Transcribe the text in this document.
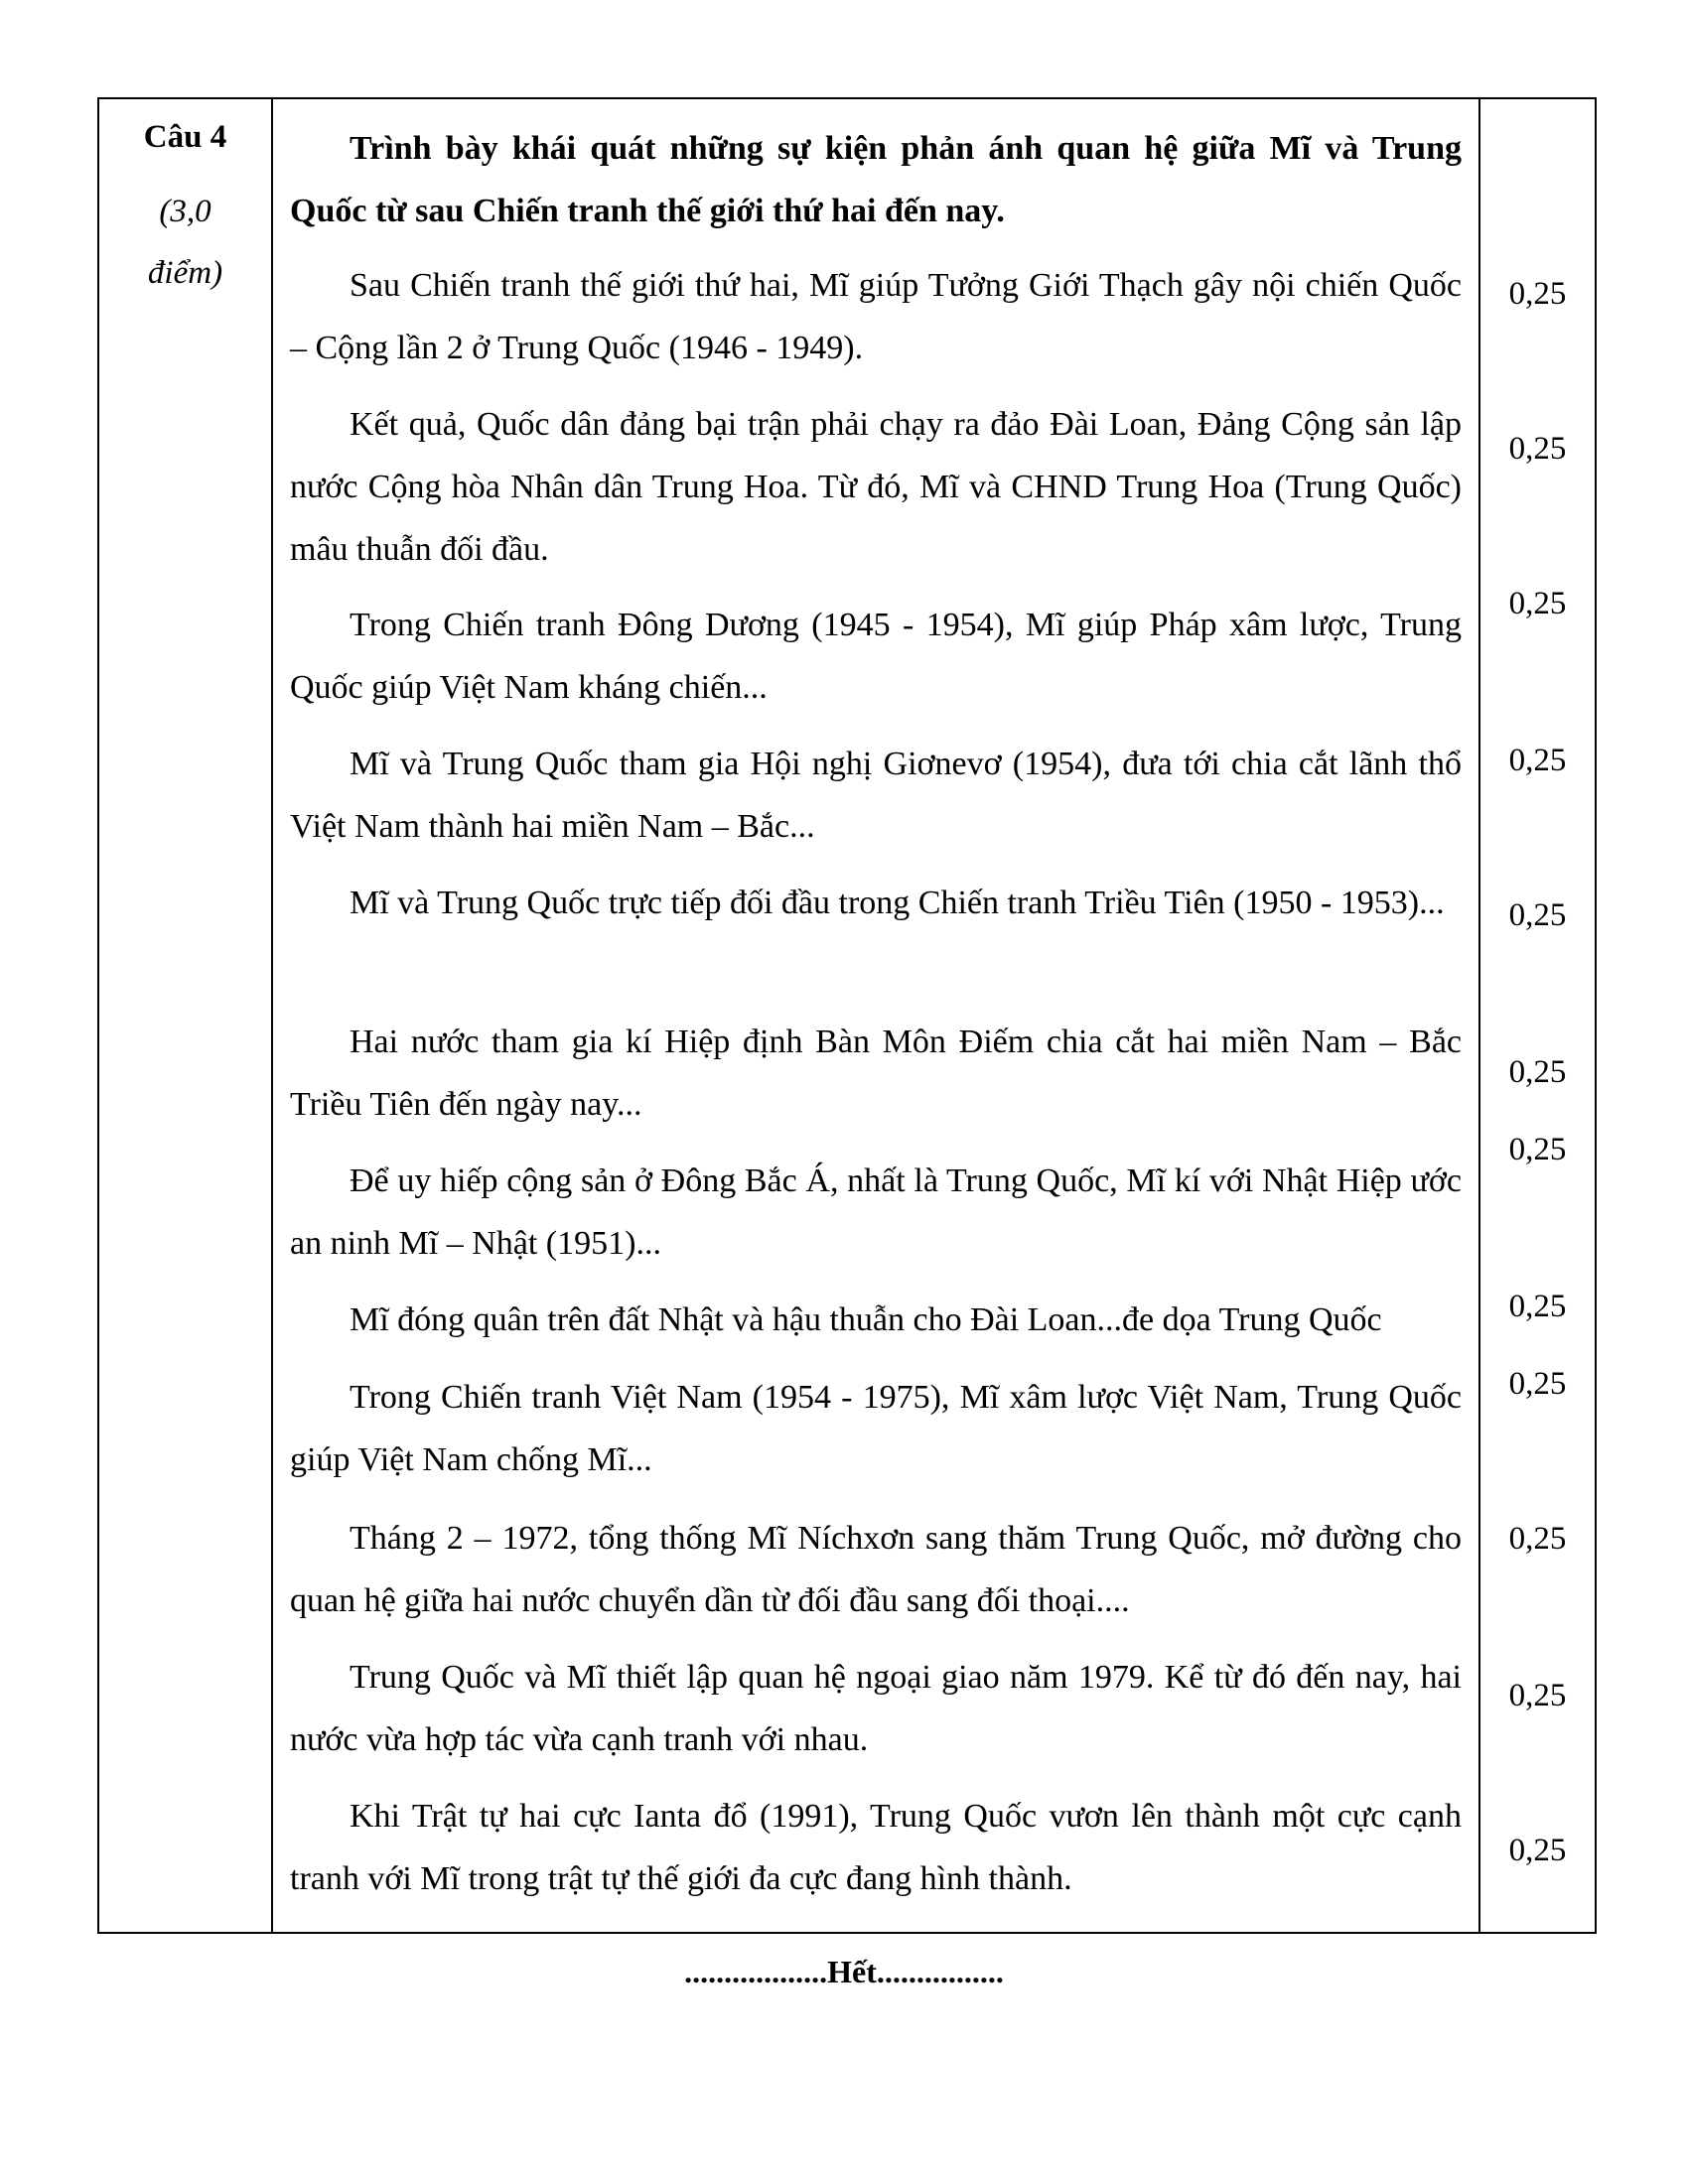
Câu 4
(3,0
điểm)
Trình bày khái quát những sự kiện phản ánh quan hệ giữa Mĩ và Trung Quốc từ sau Chiến tranh thế giới thứ hai đến nay.
Sau Chiến tranh thế giới thứ hai, Mĩ giúp Tưởng Giới Thạch gây nội chiến Quốc – Cộng lần 2 ở Trung Quốc (1946 - 1949).
Kết quả, Quốc dân đảng bại trận phải chạy ra đảo Đài Loan, Đảng Cộng sản lập nước Cộng hòa Nhân dân Trung Hoa. Từ đó, Mĩ và CHND Trung Hoa (Trung Quốc) mâu thuẫn đối đầu.
Trong Chiến tranh Đông Dương (1945 - 1954), Mĩ giúp Pháp xâm lược, Trung Quốc giúp Việt Nam kháng chiến...
Mĩ và Trung Quốc tham gia Hội nghị Giơnevơ (1954), đưa tới chia cắt lãnh thổ Việt Nam thành hai miền Nam – Bắc...
Mĩ và Trung Quốc trực tiếp đối đầu trong Chiến tranh Triều Tiên (1950 - 1953)...
Hai nước tham gia kí Hiệp định Bàn Môn Điếm chia cắt hai miền Nam – Bắc Triều Tiên đến ngày nay...
Để uy hiếp cộng sản ở Đông Bắc Á, nhất là Trung Quốc, Mĩ kí với Nhật Hiệp ước an ninh Mĩ – Nhật (1951)...
Mĩ đóng quân trên đất Nhật và hậu thuẫn cho Đài Loan...đe dọa Trung Quốc
Trong Chiến tranh Việt Nam (1954 - 1975), Mĩ xâm lược Việt Nam, Trung Quốc giúp Việt Nam chống Mĩ...
Tháng 2 – 1972, tổng thống Mĩ Níchxơn sang thăm Trung Quốc, mở đường cho quan hệ giữa hai nước chuyển dần từ đối đầu sang đối thoại....
Trung Quốc và Mĩ thiết lập quan hệ ngoại giao năm 1979. Kể từ đó đến nay, hai nước vừa hợp tác vừa cạnh tranh với nhau.
Khi Trật tự hai cực Ianta đổ (1991), Trung Quốc vươn lên thành một cực cạnh tranh với Mĩ trong trật tự thế giới đa cực đang hình thành.
0,25
0,25
0,25
0,25
0,25
0,25
0,25
0,25
0,25
0,25
0,25
0,25
..................Hết................
